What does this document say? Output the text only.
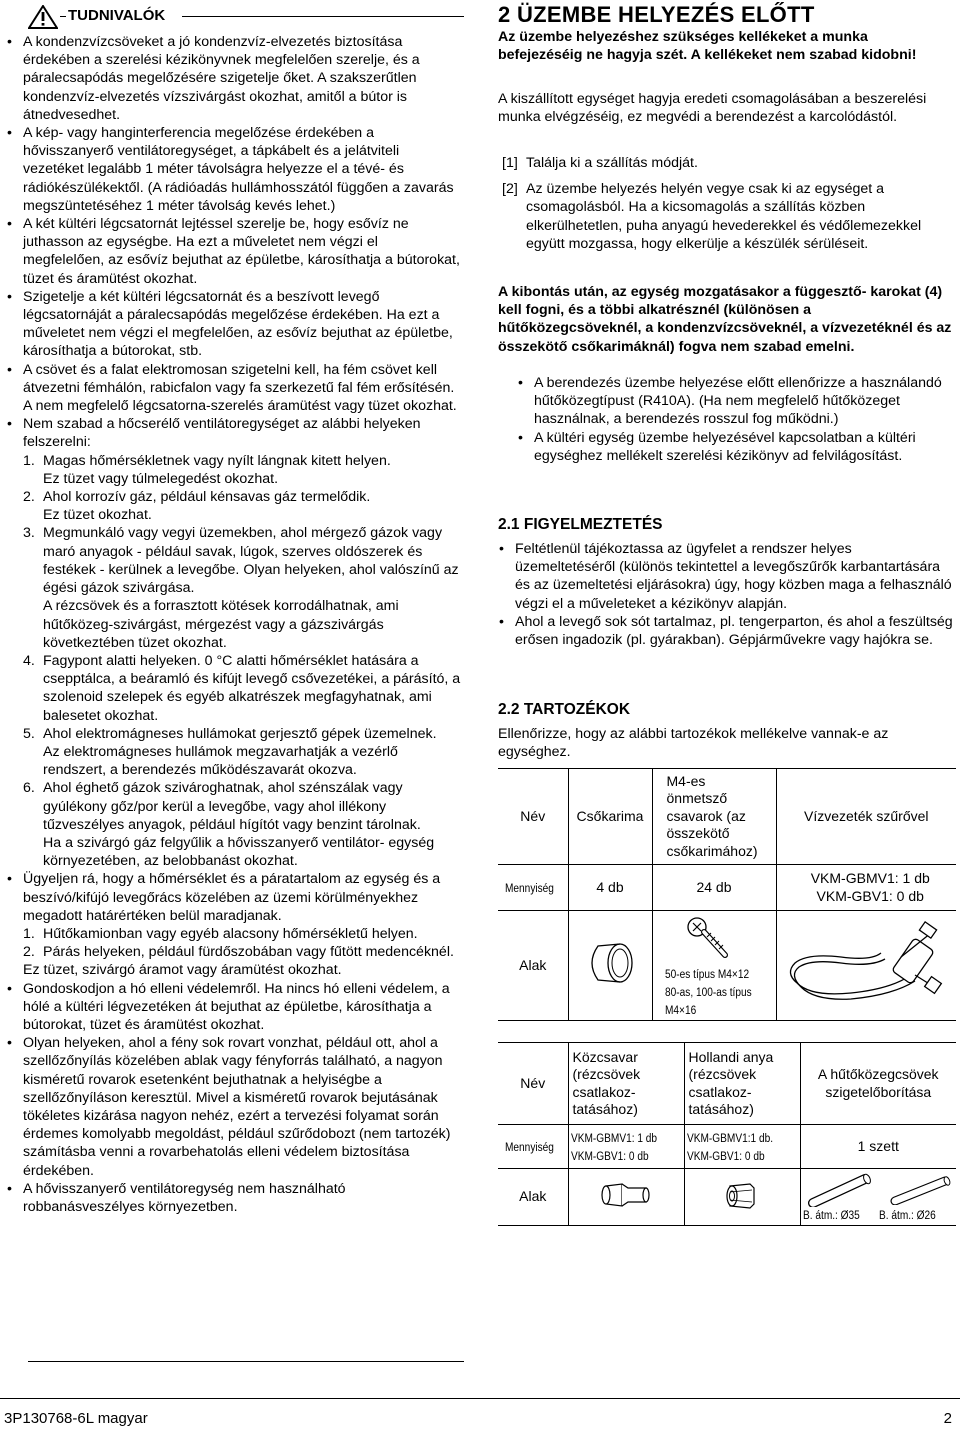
TUDNIVALÓK
• A kondenzvízcsöveket a jó kondenzvíz-elvezetés biztosítása érdekében a szerelési kézikönyvnek megfelelően szerelje, és a páralecsapódás megelőzésére szigetelje őket. A szakszerűtlen kondenzvíz-elvezetés vízszivárgást okozhat, amitől a bútor is átnedvesedhet.
• A kép- vagy hanginterferencia megelőzése érdekében a hővisszanyerő ventilátoregységet, a tápkábelt és a jelátviteli vezetéket legalább 1 méter távolságra helyezze el a tévé- és rádiókészülékektől. (A rádióadás hullámhosszától függően a zavarás megszüntetéséhez 1 méter távolság kevés lehet.)
• A két kültéri légcsatornát lejtéssel szerelje be, hogy esővíz ne juthasson az egységbe. Ha ezt a műveletet nem végzi el megfelelően, az esővíz bejuthat az épületbe, károsíthatja a bútorokat, tüzet és áramütést okozhat.
• Szigetelje a két kültéri légcsatornát és a beszívott levegő légcsatornáját a páralecsapódás megelőzése érdekében. Ha ezt a műveletet nem végzi el megfelelően, az esővíz bejuthat az épületbe, károsíthatja a bútorokat, stb.
• A csövet és a falat elektromosan szigetelni kell, ha fém csövet kell átvezetni fémhálón, rabicfalon vagy fa szerkezetű fal fém erősítésén. A nem megfelelő légcsatorna-szerelés áramütést vagy tüzet okozhat.
• Nem szabad a hőcserélő ventilátoregységet az alábbi helyeken felszerelni:
1. Magas hőmérsékletnek vagy nyílt lángnak kitett helyen.
Ez tüzet vagy túlmelegedést okozhat.
2. Ahol korrozív gáz, például kénsavas gáz termelődik.
Ez tüzet okozhat.
3. Megmunkáló vagy vegyi üzemekben, ahol mérgező gázok vagy maró anyagok - például savak, lúgok, szerves oldószerek és festékek - kerülnek a levegőbe. Olyan helyeken, ahol valószínű az égési gázok szivárgása.
A rézcsövek és a forrasztott kötések korrodálhatnak, ami hűtőközeg-szivárgást, mérgezést vagy a gázszivárgás következtében tüzet okozhat.
4. Fagypont alatti helyeken. 0 °C alatti hőmérséklet hatására a csepptálca, a beáramló és kifújt levegő csővezetékei, a párásító, a szolenoid szelepek és egyéb alkatrészek megfagyhatnak, ami balesetet okozhat.
5. Ahol elektromágneses hullámokat gerjesztő gépek üzemelnek.
Az elektromágneses hullámok megzavarhatják a vezérlő rendszert, a berendezés működészavarát okozva.
6. Ahol éghető gázok szivároghatnak, ahol szénszálak vagy gyúlékony gőz/por kerül a levegőbe, vagy ahol illékony tűzveszélyes anyagok, például hígítót vagy benzint tárolnak.
Ha a szivárgó gáz felgyűlik a hővisszanyerő ventilátor- egység környezetében, az belobbanást okozhat.
• Ügyeljen rá, hogy a hőmérséklet és a páratartalom az egység és a beszívó/kifújó levegőrács közelében az üzemi körülményekhez megadott határértéken belül maradjanak.
1. Hűtőkamionban vagy egyéb alacsony hőmérsékletű helyen.
2. Párás helyeken, például fürdőszobában vagy fűtött medencéknél.
Ez tüzet, szivárgó áramot vagy áramütést okozhat.
• Gondoskodjon a hó elleni védelemről. Ha nincs hó elleni védelem, a hólé a kültéri légvezetéken át bejuthat az épületbe, károsíthatja a bútorokat, tüzet és áramütést okozhat.
• Olyan helyeken, ahol a fény sok rovart vonzhat, például ott, ahol a szellőzőnyílás közelében ablak vagy fényforrás található, a nagyon kisméretű rovarok esetenként bejuthatnak a helyiségbe a szellőzőnyíláson keresztül. Mivel a kisméretű rovarok bejutásának tökéletes kizárása nagyon nehéz, ezért a tervezési folyamat során érdemes komolyabb megoldást, például szűrődobozt (nem tartozék) számításba venni a rovarbehatolás elleni védelem biztosítása érdekében.
• A hővisszanyerő ventilátoregység nem használható robbanásveszélyes környezetben.
2 ÜZEMBE HELYEZÉS ELŐTT
Az üzembe helyezéshez szükséges kellékeket a munka befejezéséig ne hagyja szét. A kellékeket nem szabad kidobni!
A kiszállított egységet hagyja eredeti csomagolásában a beszerelési munka elvégzéséig, ez megvédi a berendezést a karcolódástól.
[1] Találja ki a szállítás módját.
[2] Az üzembe helyezés helyén vegye csak ki az egységet a csomagolásból. Ha a kicsomagolás a szállítás közben elkerülhetetlen, puha anyagú hevederekkel és védőlemezekkel együtt mozgassa, hogy elkerülje a készülék sérüléseit.
A kibontás után, az egység mozgatásakor a függesztő- karokat (4) kell fogni, és a többi alkatrésznél (különösen a hűtőközegcsöveknél, a kondenzvízcsöveknél, a vízvezetéknél és az összekötő csőkarimáknál) fogva nem szabad emelni.
• A berendezés üzembe helyezése előtt ellenőrizze a használandó hűtőközegtípust (R410A). (Ha nem megfelelő hűtőközeget használnak, a berendezés rosszul fog működni.)
• A kültéri egység üzembe helyezésével kapcsolatban a kültéri egységhez mellékelt szerelési kézikönyv ad felvilágosítást.
2.1 FIGYELMEZTETÉS
• Feltétlenül tájékoztassa az ügyfelet a rendszer helyes üzemeltetéséről (különös tekintettel a levegőszűrők karbantartására és az üzemeltetési eljárásokra) úgy, hogy közben maga a felhasználó végzi el a műveleteket a kézikönyv alapján.
• Ahol a levegő sok sót tartalmaz, pl. tengerparton, és ahol a feszültség erősen ingadozik (pl. gyárakban). Gépjárművekre vagy hajókra se.
2.2 TARTOZÉKOK
Ellenőrizze, hogy az alábbi tartozékok mellékelve vannak-e az egységhez.
Név	Csőkarima	M4-es önmetsző csavarok (az összekötő csőkarimához)	Vízvezeték szűrővel
Mennyiség	4 db	24 db	VKM-GBMV1: 1 db
VKM-GBV1: 0 db

Alak		50-es típus M4×12
80-as, 100-as típus
M4×16

Név	Közcsavar (rézcsövek csatlakoz-tatásához)	Hollandi anya (rézcsövek csatlakoz-tatásához)	A hűtőközegcsövek szigetelőborítása
Mennyiség	VKM-GBMV1: 1 db
VKM-GBV1: 0 db	VKM-GBMV1:1 db.
VKM-GBV1: 0 db	1 szett
Alak			B. átm.: Ø35 B. átm.: Ø26
3P130768-6L magyar	2
